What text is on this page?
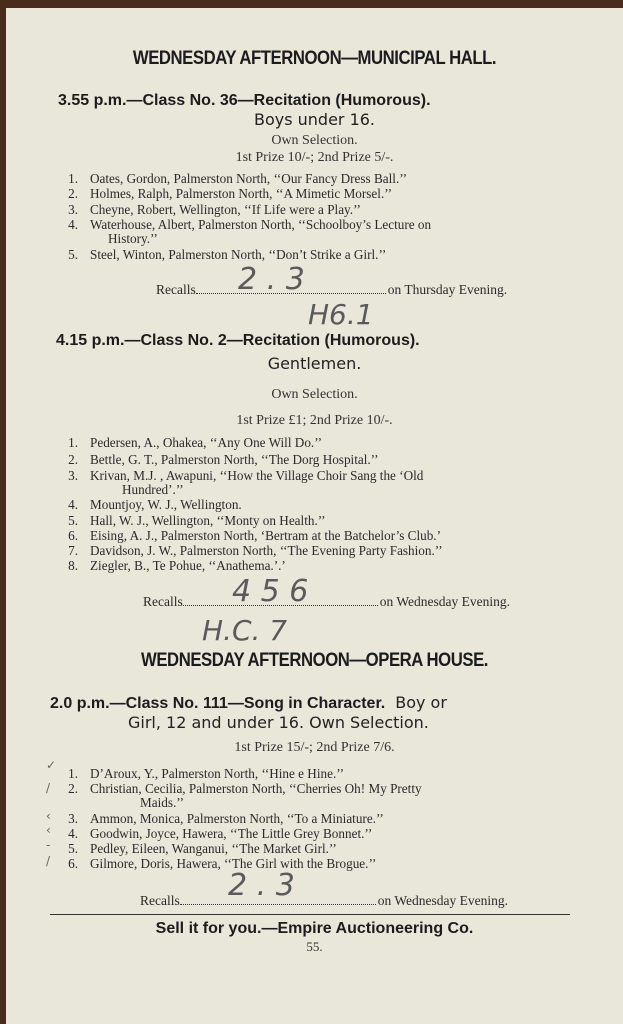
WEDNESDAY AFTERNOON—MUNICIPAL HALL.
3.55 p.m.—Class No. 36—Recitation (Humorous).
Boys under 16.
Own Selection.
1st Prize 10/-; 2nd Prize 5/-.
1. Oates, Gordon, Palmerston North, ‘‘Our Fancy Dress Ball.’’
2. Holmes, Ralph, Palmerston North, ‘‘A Mimetic Morsel.’’
3. Cheyne, Robert, Wellington, ‘‘If Life were a Play.’’
4. Waterhouse, Albert, Palmerston North, ‘‘Schoolboy’s Lecture on
History.’’
5. Steel, Winton, Palmerston North, ‘‘Don’t Strike a Girl.’’
Recalls	on Thursday Evening.
2 . 3
H6.1
4.15 p.m.—Class No. 2—Recitation (Humorous).
Gentlemen.
Own Selection.
1st Prize £1; 2nd Prize 10/-.
1. Pedersen, A., Ohakea, ‘‘Any One Will Do.’’
2. Bettle, G. T., Palmerston North, ‘‘The Dorg Hospital.’’
3. Krivan, M.J. , Awapuni, ‘‘How the Village Choir Sang the ‘Old
Hundred’.’’
4. Mountjoy, W. J., Wellington.
5. Hall, W. J., Wellington, ‘‘Monty on Health.’’
6. Eising, A. J., Palmerston North, ‘Bertram at the Batchelor’s Club.’
7. Davidson, J. W., Palmerston North, ‘‘The Evening Party Fashion.’’
8. Ziegler, B., Te Pohue, ‘‘Anathema.’.’
Recalls	on Wednesday Evening.
4 5 6
H.C. 7
WEDNESDAY AFTERNOON—OPERA HOUSE.
2.0 p.m.—Class No. 111—Song in Character. Boy or
Girl, 12 and under 16. Own Selection.
1st Prize 15/-; 2nd Prize 7/6.
✓
1. D’Aroux, Y., Palmerston North, ‘‘Hine e Hine.’’
/	2. Christian, Cecilia, Palmerston North, ‘‘Cherries Oh! My Pretty
Maids.’’
‹	3. Ammon, Monica, Palmerston North, ‘‘To a Miniature.’’
‹	4. Goodwin, Joyce, Hawera, ‘‘The Little Grey Bonnet.’’
-	5. Pedley, Eileen, Wanganui, ‘‘The Market Girl.’’
/	6. Gilmore, Doris, Hawera, ‘‘The Girl with the Brogue.’’
Recalls	on Wednesday Evening.
2 . 3
Sell it for you.—Empire Auctioneering Co.
55.
